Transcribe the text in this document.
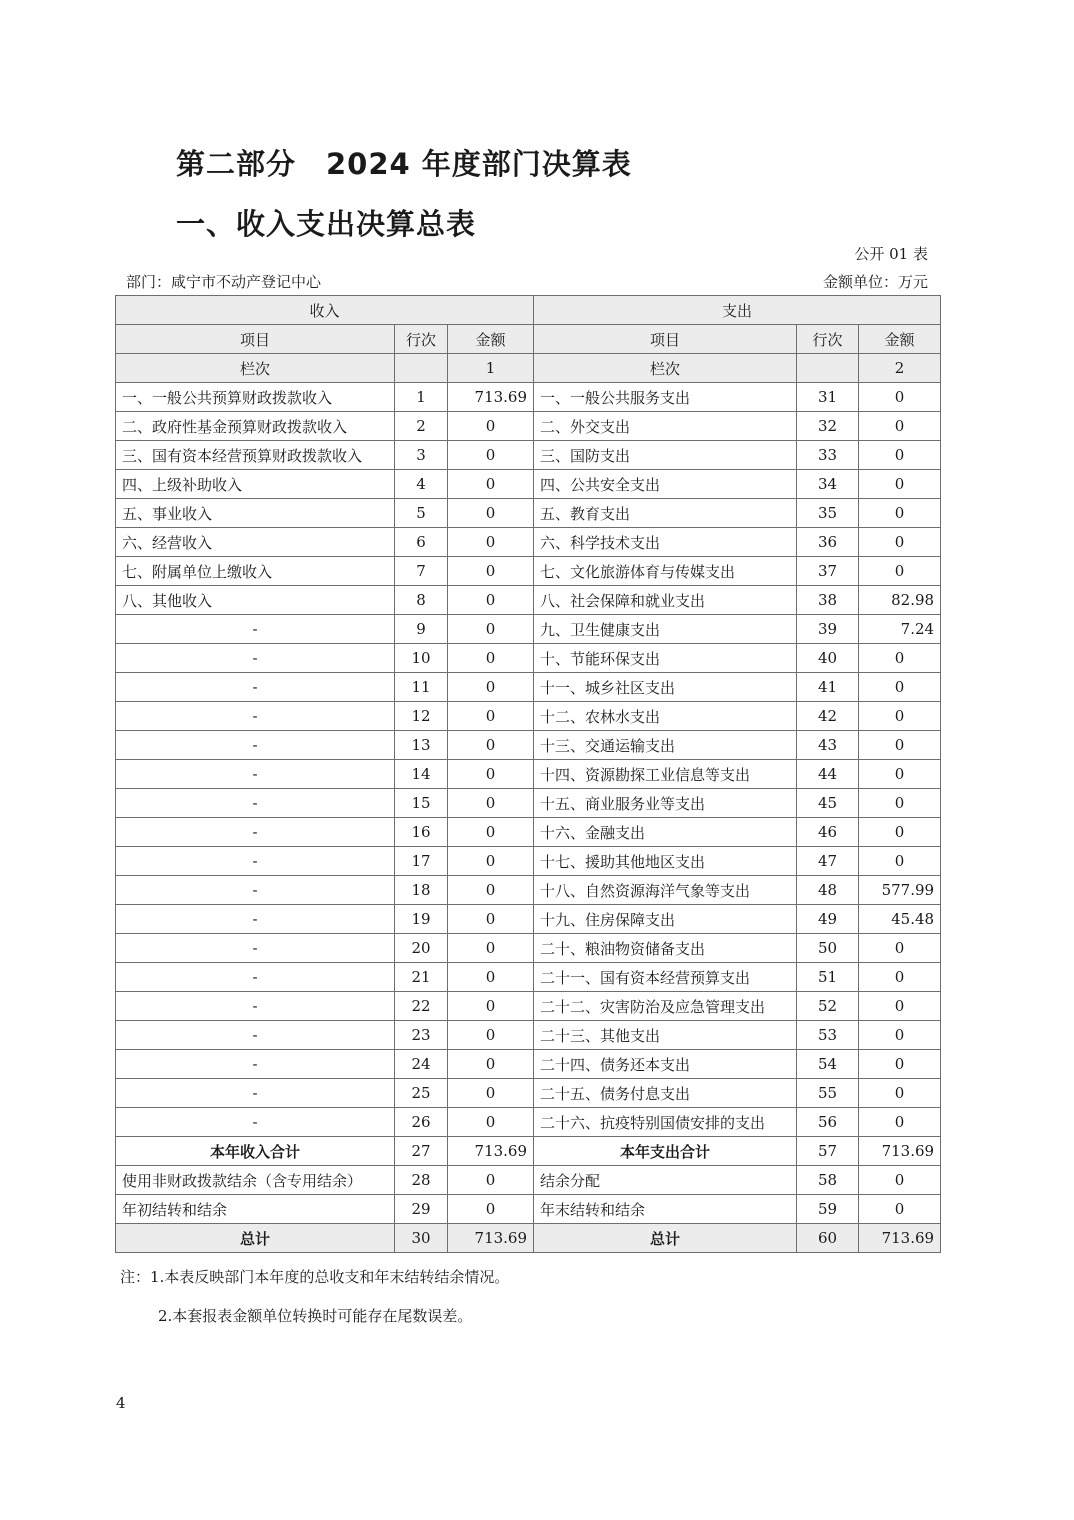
第二部分　2024 年度部门决算表
一、收入支出决算总表
公开 01 表
部门：咸宁市不动产登记中心	金额单位：万元
收入			支出		
项目	行次	金额	项目	行次	金额
栏次		1	栏次		2
一、一般公共预算财政拨款收入	1	713.69	一、一般公共服务支出	31	0
二、政府性基金预算财政拨款收入	2	0	二、外交支出	32	0
三、国有资本经营预算财政拨款收入	3	0	三、国防支出	33	0
四、上级补助收入	4	0	四、公共安全支出	34	0
五、事业收入	5	0	五、教育支出	35	0
六、经营收入	6	0	六、科学技术支出	36	0
七、附属单位上缴收入	7	0	七、文化旅游体育与传媒支出	37	0
八、其他收入	8	0	八、社会保障和就业支出	38	82.98
-	9	0	九、卫生健康支出	39	7.24
-	10	0	十、节能环保支出	40	0
-	11	0	十一、城乡社区支出	41	0
-	12	0	十二、农林水支出	42	0
-	13	0	十三、交通运输支出	43	0
-	14	0	十四、资源勘探工业信息等支出	44	0
-	15	0	十五、商业服务业等支出	45	0
-	16	0	十六、金融支出	46	0
-	17	0	十七、援助其他地区支出	47	0
-	18	0	十八、自然资源海洋气象等支出	48	577.99
-	19	0	十九、住房保障支出	49	45.48
-	20	0	二十、粮油物资储备支出	50	0
-	21	0	二十一、国有资本经营预算支出	51	0
-	22	0	二十二、灾害防治及应急管理支出	52	0
-	23	0	二十三、其他支出	53	0
-	24	0	二十四、债务还本支出	54	0
-	25	0	二十五、债务付息支出	55	0
-	26	0	二十六、抗疫特别国债安排的支出	56	0
本年收入合计	27	713.69	本年支出合计	57	713.69
使用非财政拨款结余（含专用结余）	28	0	结余分配	58	0
年初结转和结余	29	0	年末结转和结余	59	0
总计	30	713.69	总计	60	713.69
注：1.本表反映部门本年度的总收支和年末结转结余情况。
2.本套报表金额单位转换时可能存在尾数误差。
4
